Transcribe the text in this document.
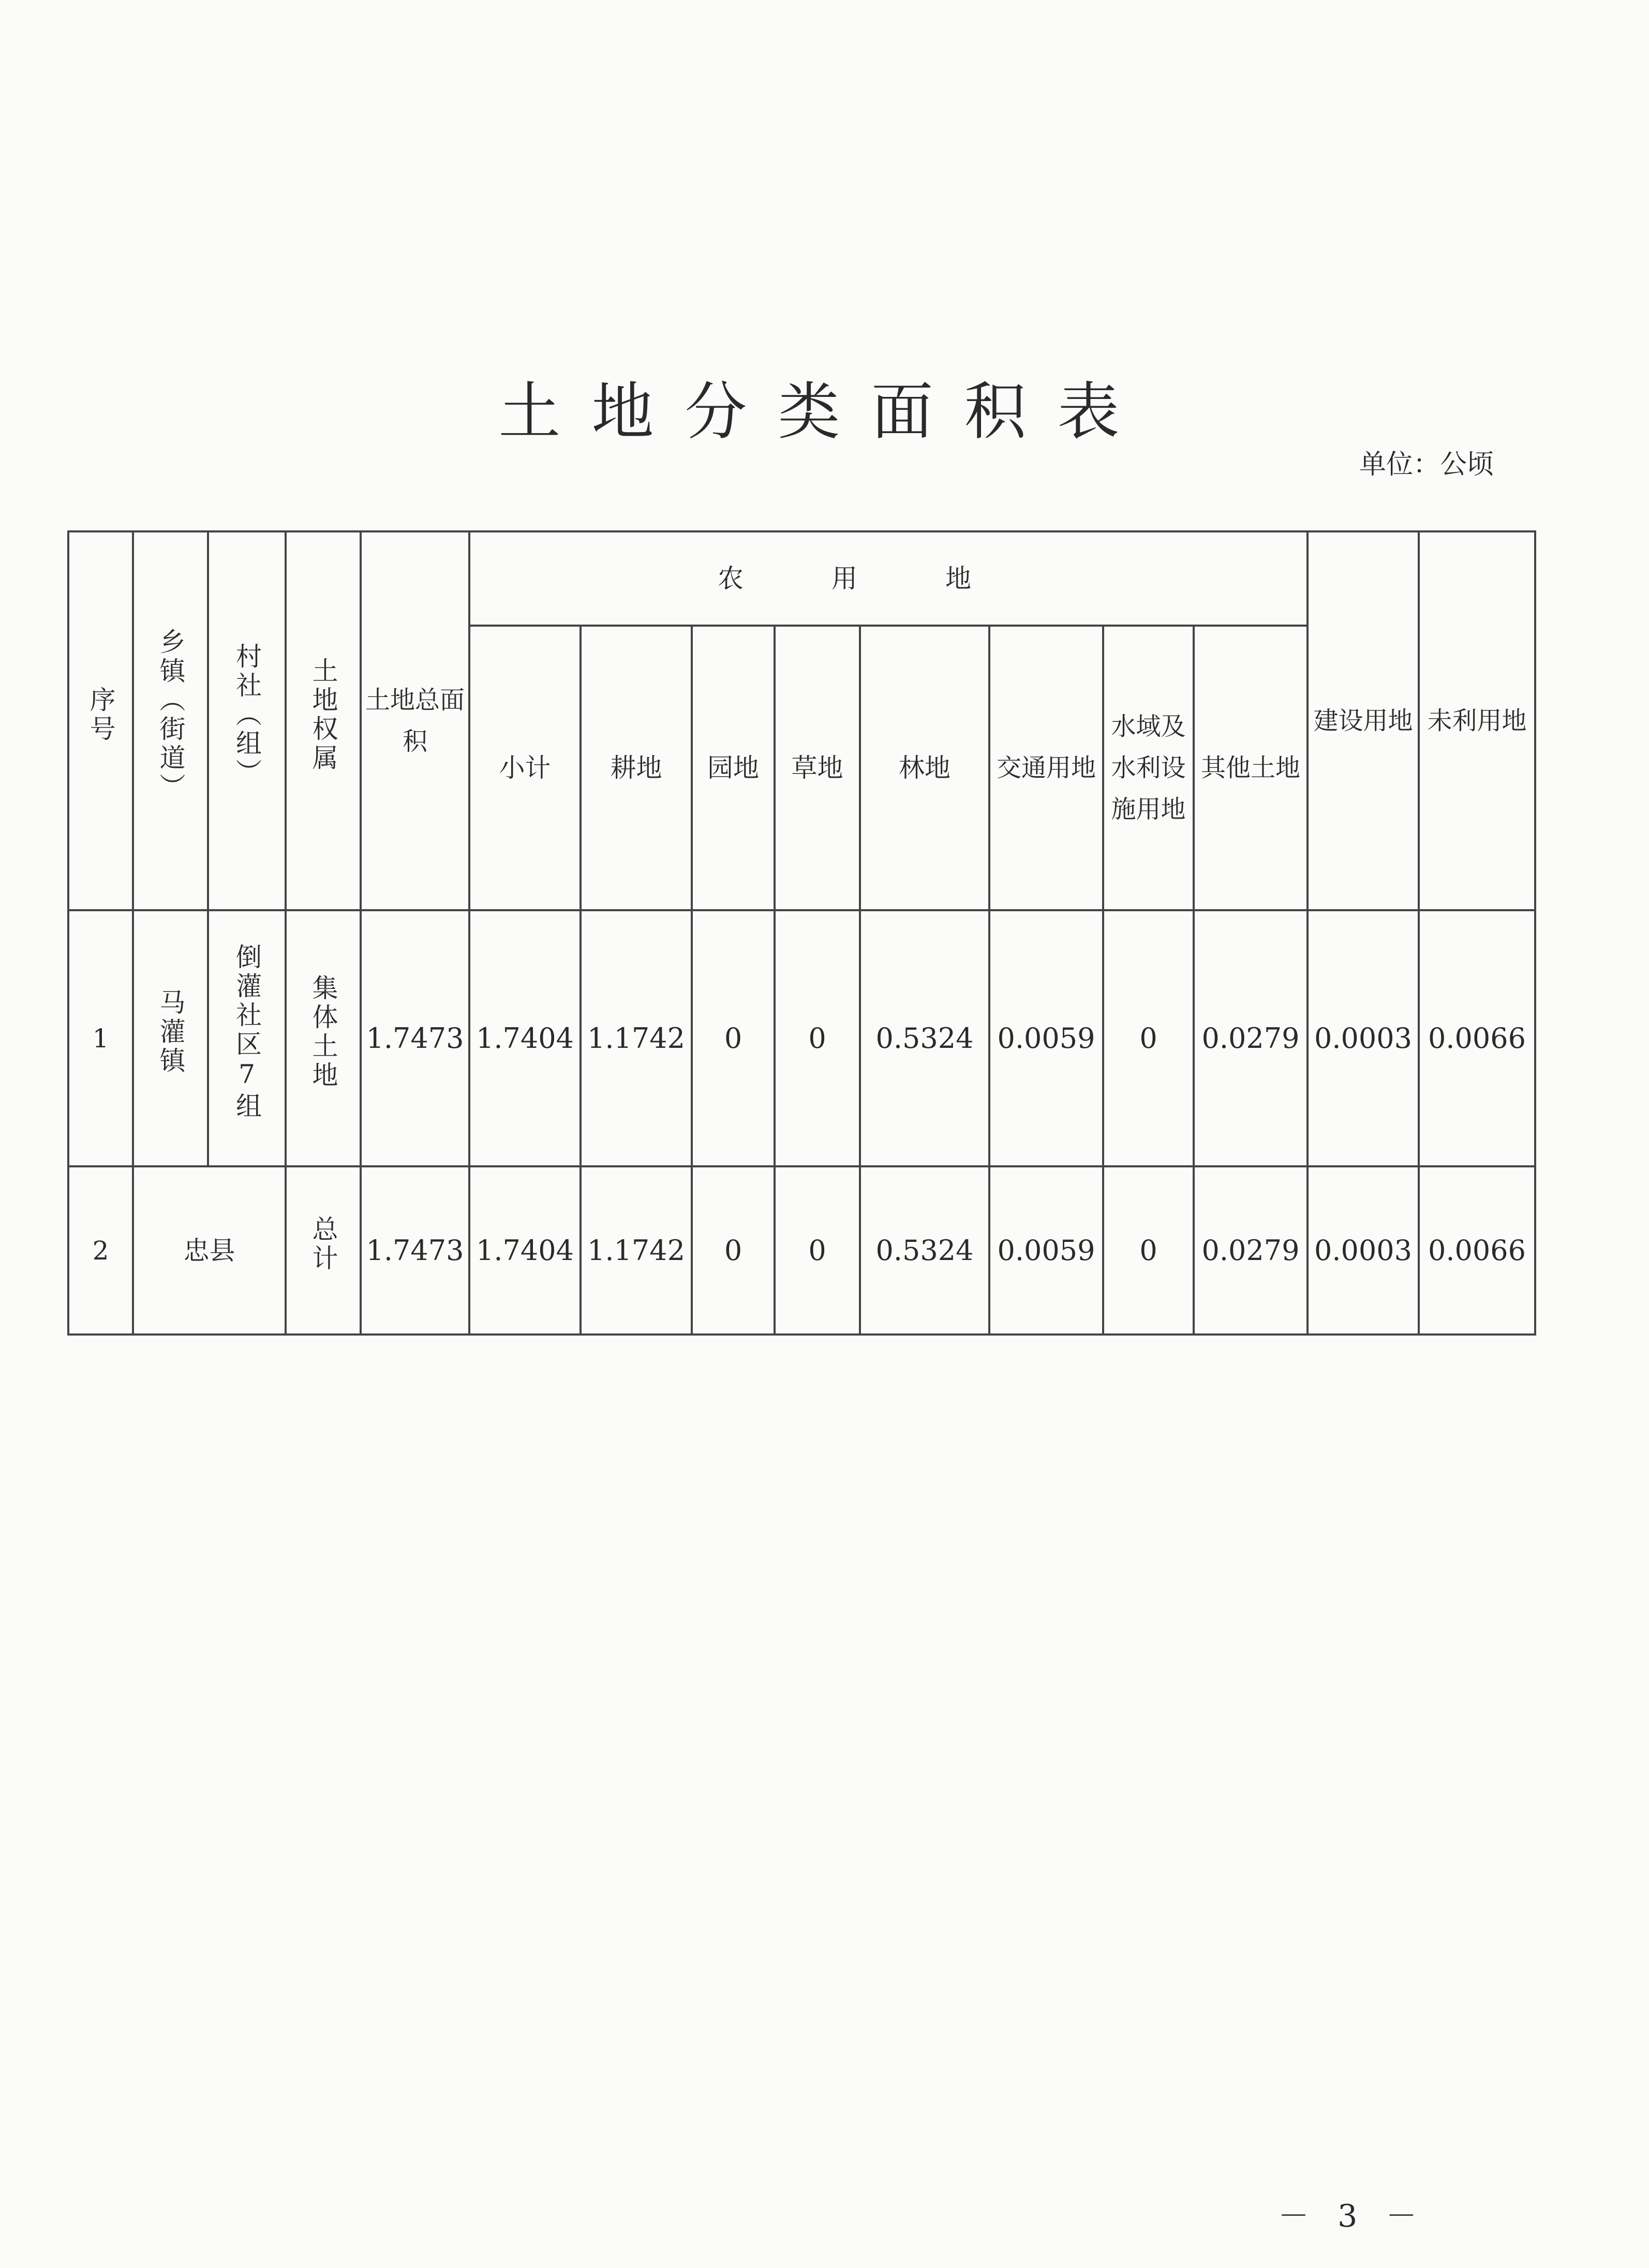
土地分类面积表
单位：公顷
序号	乡镇（街道）	村社（组）	土地权属	土地总面积	农用地								建设用地	未利用地
					小计	耕地	园地	草地	林地	交通用地	水域及水利设施用地	其他土地		
1	马灌镇	倒灌社区7组	集体土地	1.7473	1.7404	1.1742	0	0	0.5324	0.0059	0	0.0279	0.0003	0.0066
2	忠县		总计	1.7473	1.7404	1.1742	0	0	0.5324	0.0059	0	0.0279	0.0003	0.0066
－ 3 －
